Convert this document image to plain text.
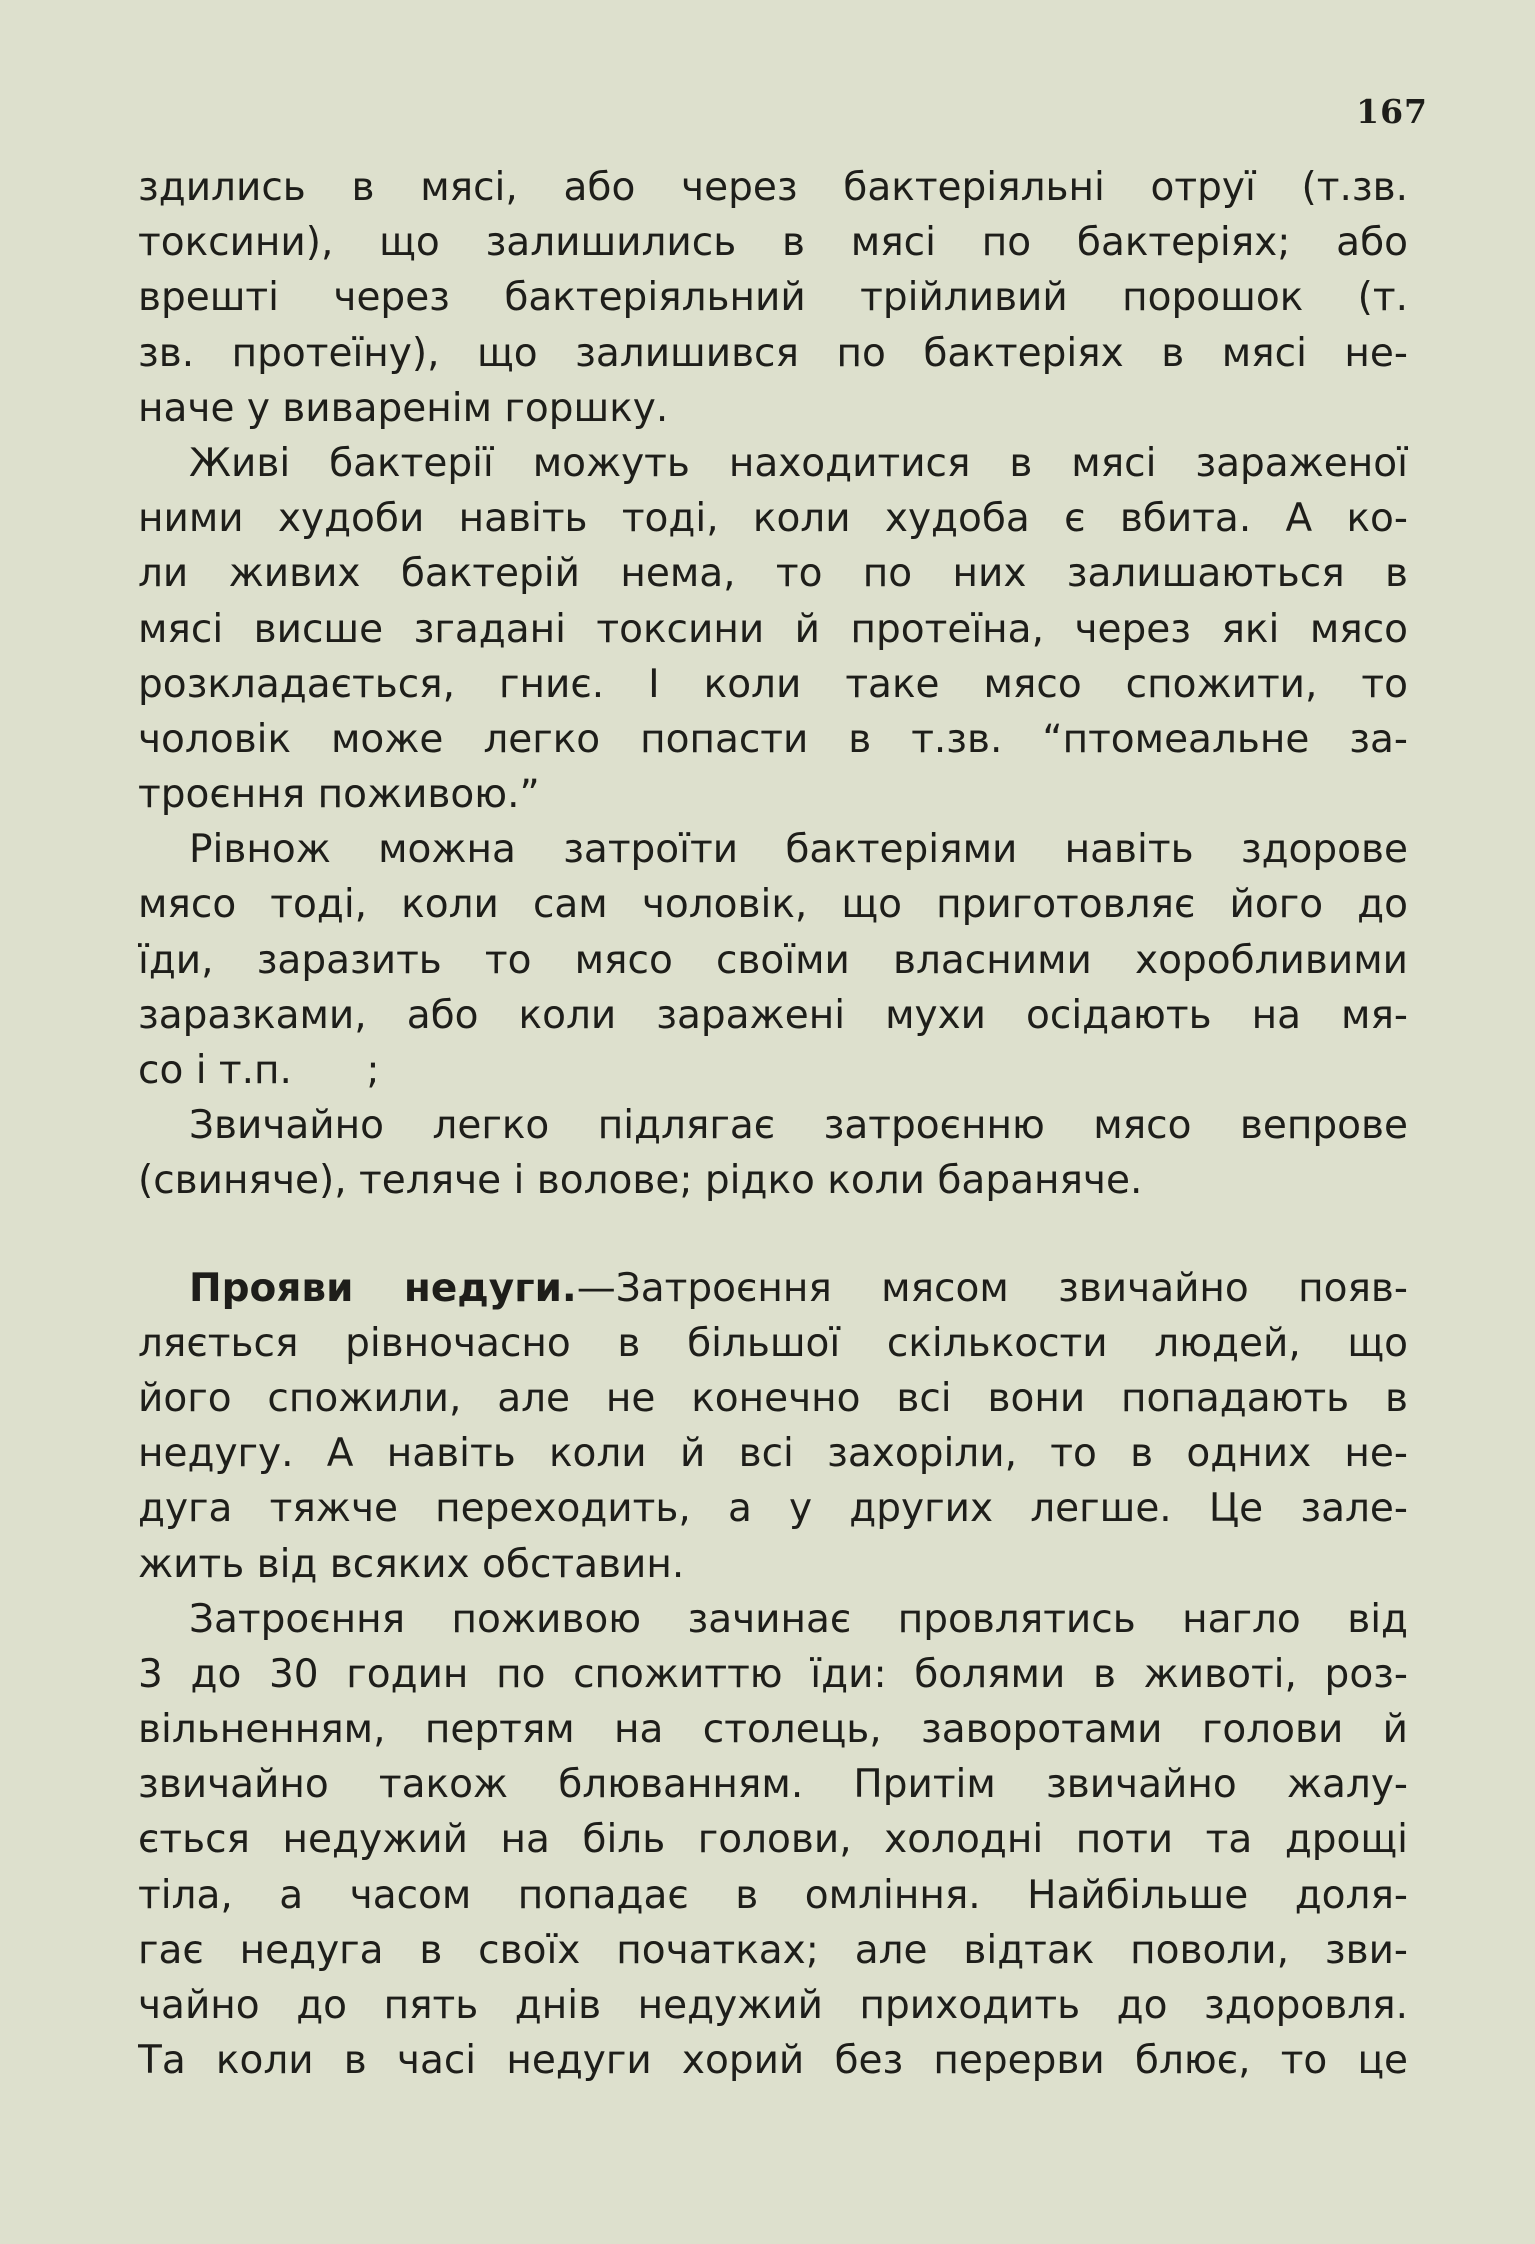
167
здились в мясі, або через бактеріяльні отруї (т.зв.
токсини), що залишились в мясі по бактеріях; або
врешті через бактеріяльний трійливий порошок (т.
зв. протеїну), що залишився по бактеріях в мясі не-
наче у виваренім горшку.
Живі бактерії можуть находитися в мясі зараженої
ними худоби навіть тоді, коли худоба є вбита. А ко-
ли живих бактерій нема, то по них залишаються в
мясі висше згадані токсини й протеїна, через які мясо
розкладається, гниє. І коли таке мясо спожити, то
чоловік може легко попасти в т.зв. “птомеальне за-
троєння поживою.”
Рівнож можна затроїти бактеріями навіть здорове
мясо тоді, коли сам чоловік, що приготовляє його до
їди, заразить то мясо своїми власними хоробливими
заразками, або коли заражені мухи осідають на мя-
со і т.п.      ;
Звичайно легко підлягає затроєнню мясо вепрове
(свиняче), теляче і волове; рідко коли бараняче.
Прояви недуги.—Затроєння мясом звичайно появ-
ляється рівночасно в більшої скількости людей, що
його спожили, але не конечно всі вони попадають в
недугу. А навіть коли й всі захоріли, то в одних не-
дуга тяжче переходить, а у других легше. Це зале-
жить від всяких обставин.
Затроєння поживою зачинає провлятись нагло від
3 до 30 годин по спожиттю їди: болями в животі, роз-
вільненням, пертям на столець, заворотами голови й
звичайно також блюванням. Притім звичайно жалу-
ється недужий на біль голови, холодні поти та дрощі
тіла, а часом попадає в омління. Найбільше доля-
гає недуга в своїх початках; але відтак поволи, зви-
чайно до пять днів недужий приходить до здоровля.
Та коли в часі недуги хорий без перерви блює, то це
